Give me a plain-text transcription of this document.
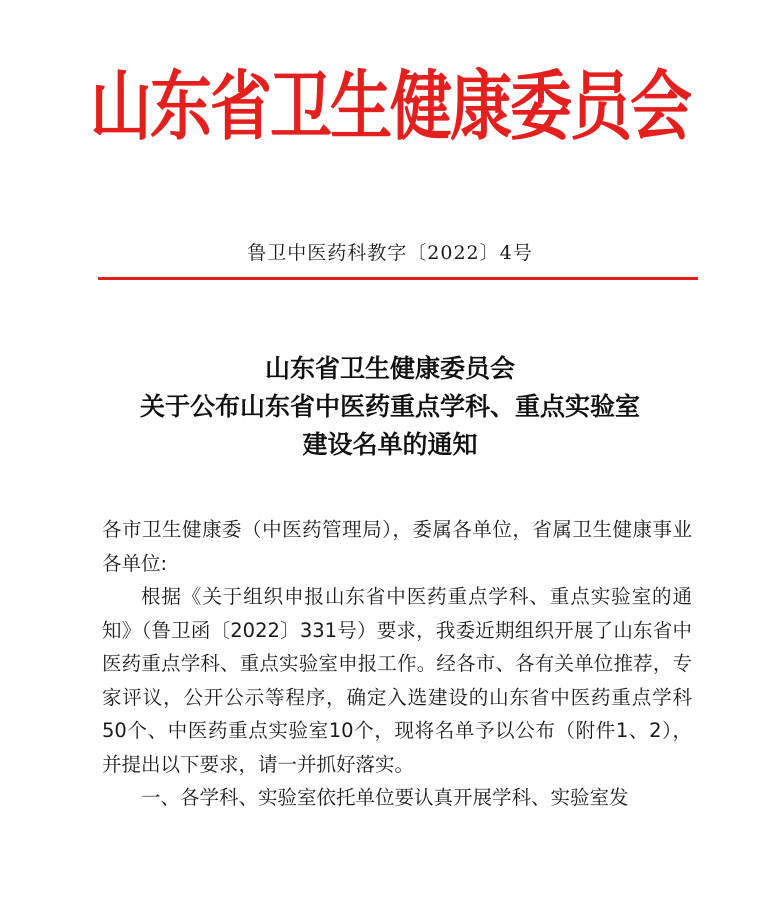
山东省卫生健康委员会
鲁卫中医药科教字〔2022〕4号
山东省卫生健康委员会
关于公布山东省中医药重点学科、重点实验室
建设名单的通知

各市卫生健康委（中医药管理局），委属各单位，省属卫生健康事业各单位:

根据《关于组织申报山东省中医药重点学科、重点实验室的通知》（鲁卫函〔2022〕331号）要求，我委近期组织开展了山东省中医药重点学科、重点实验室申报工作。经各市、各有关单位推荐，专家评议，公开公示等程序，确定入选建设的山东省中医药重点学科50个、中医药重点实验室10个，现将名单予以公布（附件1、2），并提出以下要求，请一并抓好落实。

一、各学科、实验室依托单位要认真开展学科、实验室发
